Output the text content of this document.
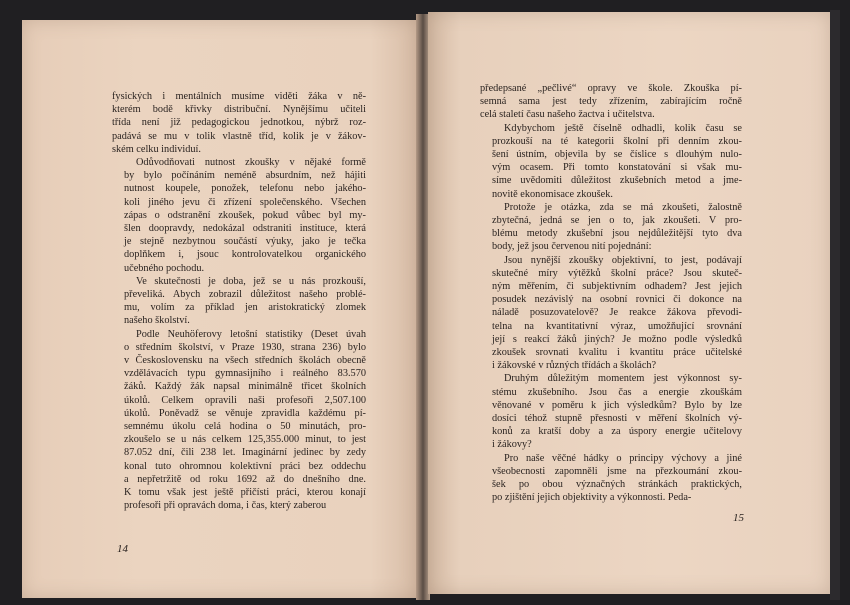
fysických i mentálních musíme viděti žáka v ně-
kterém bodě křivky distribuční. Nynějšímu učiteli
třída není již pedagogickou jednotkou, nýbrž roz-
padává se mu v tolik vlastně tříd, kolik je v žákov-
ském celku individuí.

Odůvodňovati nutnost zkoušky v nějaké formě
by bylo počínáním neméně absurdním, než hájiti
nutnost koupele, ponožek, telefonu nebo jakého-
koli jiného jevu či zřízení společenského. Všechen
zápas o odstranění zkoušek, pokud vůbec byl my-
šlen doopravdy, nedokázal odstraniti instituce, která
je stejně nezbytnou součástí výuky, jako je tečka
doplňkem i, jsouc kontrolovatelkou organického
učebného pochodu.

Ve skutečnosti je doba, jež se u nás prozkouší,
převeliká. Abych zobrazil důležitost našeho problé-
mu, volím za příklad jen aristokratický zlomek
našeho školství.

Podle Neuhöferovy letošní statistiky (Deset úvah
o středním školství, v Praze 1930, strana 236) bylo
v Československu na všech středních školách obecně
vzdělávacích typu gymnasijního i reálného 83.570
žáků. Každý žák napsal minimálně třicet školních
úkolů. Celkem opravili naši profesoři 2,507.100
úkolů. Poněvadž se věnuje zpravidla každému pí-
semnému úkolu celá hodina o 50 minutách, pro-
zkoušelo se u nás celkem 125,355.000 minut, to jest
87.052 dní, čili 238 let. Imaginární jedinec by zedy
konal tuto ohromnou kolektivní práci bez oddechu
a nepřetržitě od roku 1692 až do dnešního dne.
K tomu však jest ještě přičísti práci, kterou konají
profesoři při opravách doma, i čas, který zaberou

14

předepsané „pečlivé“ opravy ve škole. Zkouška pí-
semná sama jest tedy zřízením, zabírajícím ročně
celá staletí času našeho žactva i učitelstva.

Kdybychom ještě číselně odhadli, kolik času se
prozkouší na té kategorii školní při denním zkou-
šení ústním, objevila by se číslice s dlouhým nulo-
vým ocasem. Při tomto konstatování si však mu-
síme uvědomiti důležitost zkušebních metod a jme-
novitě ekonomisace zkoušek.

Protože je otázka, zda se má zkoušeti, žalostně
zbytečná, jedná se jen o to, jak zkoušeti. V pro-
blému metody zkušební jsou nejdůležitější tyto dva
body, jež jsou červenou nití pojednání:

Jsou nynější zkoušky objektivní, to jest, podávají
skutečné míry výtěžků školní práce? Jsou skuteč-
ným měřením, či subjektivním odhadem? Jest jejich
posudek nezávislý na osobní rovnici či dokonce na
náladě posuzovatelově? Je reakce žákova převodi-
telna na kvantitativní výraz, umožňující srovnání
její s reakcí žáků jiných? Je možno podle výsledků
zkoušek srovnati kvalitu i kvantitu práce učitelské
i žákovské v různých třídách a školách?

Druhým důležitým momentem jest výkonnost sy-
stému zkušebního. Jsou čas a energie zkouškám
věnované v poměru k jich výsledkům? Bylo by lze
dosíci téhož stupně přesnosti v měření školních vý-
konů za kratší doby a za úspory energie učitelovy
i žákovy?

Pro naše věčné hádky o principy výchovy a jiné
všeobecnosti zapomněli jsme na přezkoumání zkou-
šek po obou význačných stránkách praktických,
po zjištění jejich objektivity a výkonnosti. Peda-

15
